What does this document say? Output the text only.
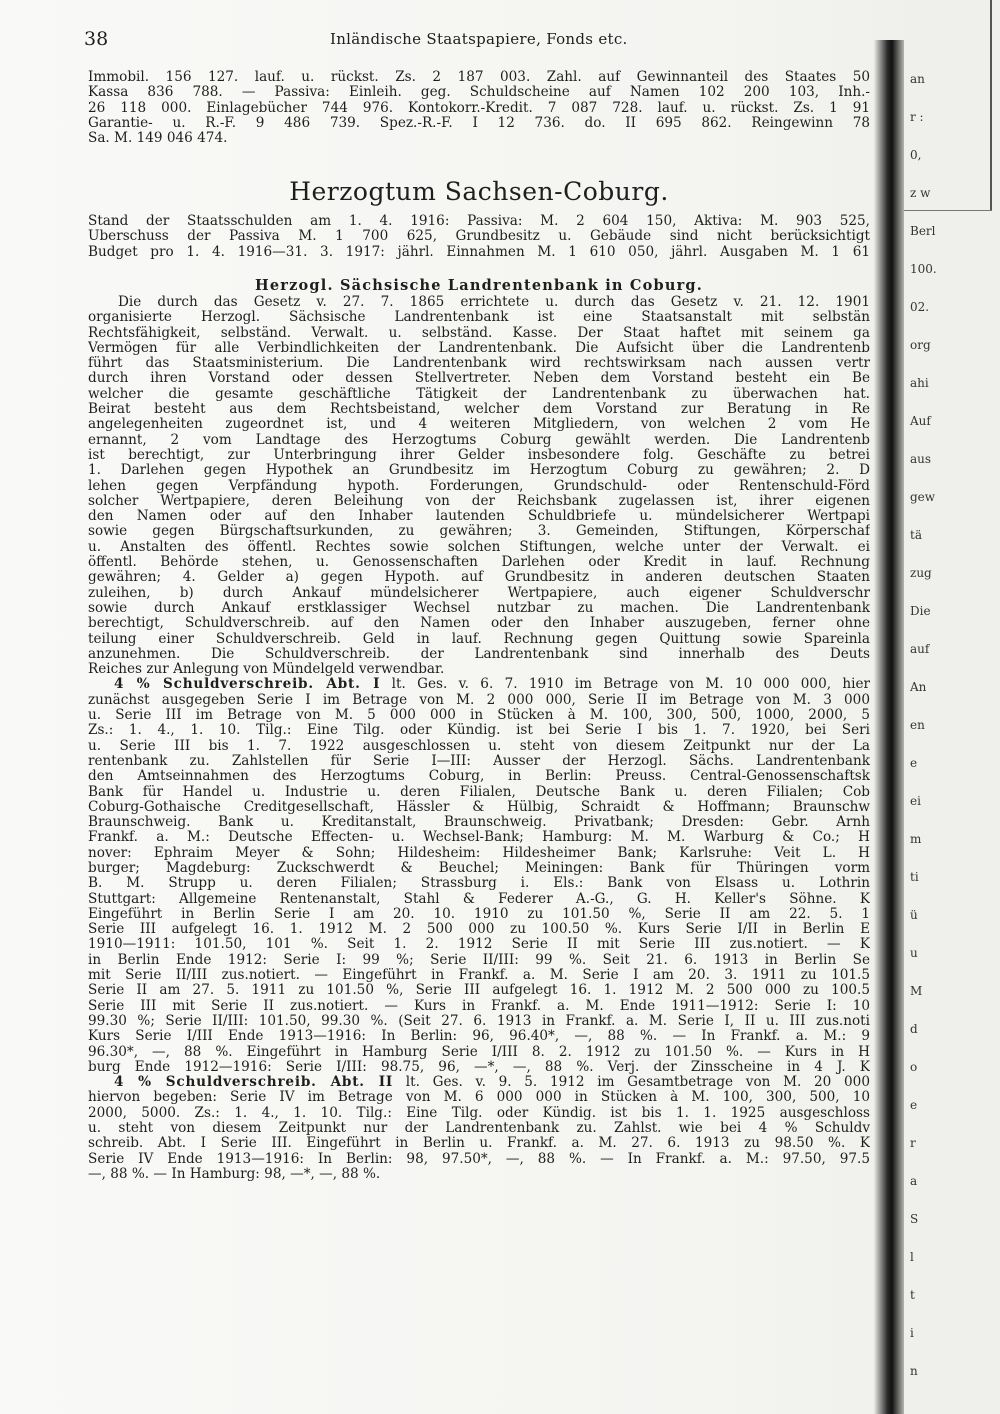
38	Inländische Staatspapiere, Fonds etc.
Immobil. 156 127. lauf. u. rückst. Zs. 2 187 003. Zahl. auf Gewinnanteil des Staates 50
Kassa 836 788. — Passiva: Einleih. geg. Schuldscheine auf Namen 102 200 103, Inh.-
26 118 000. Einlagebücher 744 976. Kontokorr.-Kredit. 7 087 728. lauf. u. rückst. Zs. 1 91
Garantie- u. R.-F. 9 486 739. Spez.-R.-F. I 12 736. do. II 695 862. Reingewinn 78
Sa. M. 149 046 474.
Herzogtum Sachsen-Coburg.
Stand der Staatsschulden am 1. 4. 1916: Passiva: M. 2 604 150, Aktiva: M. 903 525,
Überschuss der Passiva M. 1 700 625, Grundbesitz u. Gebäude sind nicht berücksichtigt
Budget pro 1. 4. 1916—31. 3. 1917: jährl. Einnahmen M. 1 610 050, jährl. Ausgaben M. 1 61
Herzogl. Sächsische Landrentenbank in Coburg.
Die durch das Gesetz v. 27. 7. 1865 errichtete u. durch das Gesetz v. 21. 12. 1901
organisierte Herzogl. Sächsische Landrentenbank ist eine Staatsanstalt mit selbstän
Rechtsfähigkeit, selbständ. Verwalt. u. selbständ. Kasse. Der Staat haftet mit seinem ga
Vermögen für alle Verbindlichkeiten der Landrentenbank. Die Aufsicht über die Landrentenb
führt das Staatsministerium. Die Landrentenbank wird rechtswirksam nach aussen vertr
durch ihren Vorstand oder dessen Stellvertreter. Neben dem Vorstand besteht ein Be
welcher die gesamte geschäftliche Tätigkeit der Landrentenbank zu überwachen hat.
Beirat besteht aus dem Rechtsbeistand, welcher dem Vorstand zur Beratung in Re
angelegenheiten zugeordnet ist, und 4 weiteren Mitgliedern, von welchen 2 vom He
ernannt, 2 vom Landtage des Herzogtums Coburg gewählt werden. Die Landrentenb
ist berechtigt, zur Unterbringung ihrer Gelder insbesondere folg. Geschäfte zu betrei
1. Darlehen gegen Hypothek an Grundbesitz im Herzogtum Coburg zu gewähren; 2. D
lehen gegen Verpfändung hypoth. Forderungen, Grundschuld- oder Rentenschuld-Förd
solcher Wertpapiere, deren Beleihung von der Reichsbank zugelassen ist, ihrer eigenen
den Namen oder auf den Inhaber lautenden Schuldbriefe u. mündelsicherer Wertpapi
sowie gegen Bürgschaftsurkunden, zu gewähren; 3. Gemeinden, Stiftungen, Körperschaf
u. Anstalten des öffentl. Rechtes sowie solchen Stiftungen, welche unter der Verwalt. ei
öffentl. Behörde stehen, u. Genossenschaften Darlehen oder Kredit in lauf. Rechnung
gewähren; 4. Gelder a) gegen Hypoth. auf Grundbesitz in anderen deutschen Staaten
zuleihen, b) durch Ankauf mündelsicherer Wertpapiere, auch eigener Schuldverschr
sowie durch Ankauf erstklassiger Wechsel nutzbar zu machen. Die Landrentenbank
berechtigt, Schuldverschreib. auf den Namen oder den Inhaber auszugeben, ferner ohne
teilung einer Schuldverschreib. Geld in lauf. Rechnung gegen Quittung sowie Spareinla
anzunehmen. Die Schuldverschreib. der Landrentenbank sind innerhalb des Deuts
Reiches zur Anlegung von Mündelgeld verwendbar.
4 % Schuldverschreib. Abt. I lt. Ges. v. 6. 7. 1910 im Betrage von M. 10 000 000, hier
zunächst ausgegeben Serie I im Betrage von M. 2 000 000, Serie II im Betrage von M. 3 000
u. Serie III im Betrage von M. 5 000 000 in Stücken à M. 100, 300, 500, 1000, 2000, 5
Zs.: 1. 4., 1. 10. Tilg.: Eine Tilg. oder Kündig. ist bei Serie I bis 1. 7. 1920, bei Seri
u. Serie III bis 1. 7. 1922 ausgeschlossen u. steht von diesem Zeitpunkt nur der La
rentenbank zu. Zahlstellen für Serie I—III: Ausser der Herzogl. Sächs. Landrentenbank
den Amtseinnahmen des Herzogtums Coburg, in Berlin: Preuss. Central-Genossenschaftsk
Bank für Handel u. Industrie u. deren Filialen, Deutsche Bank u. deren Filialen; Cob
Coburg-Gothaische Creditgesellschaft, Hässler & Hülbig, Schraidt & Hoffmann; Braunschw
Braunschweig. Bank u. Kreditanstalt, Braunschweig. Privatbank; Dresden: Gebr. Arnh
Frankf. a. M.: Deutsche Effecten- u. Wechsel-Bank; Hamburg: M. M. Warburg & Co.; H
nover: Ephraim Meyer & Sohn; Hildesheim: Hildesheimer Bank; Karlsruhe: Veit L. H
burger; Magdeburg: Zuckschwerdt & Beuchel; Meiningen: Bank für Thüringen vorm
B. M. Strupp u. deren Filialen; Strassburg i. Els.: Bank von Elsass u. Lothrin
Stuttgart: Allgemeine Rentenanstalt, Stahl & Federer A.-G., G. H. Keller's Söhne. K
Eingeführt in Berlin Serie I am 20. 10. 1910 zu 101.50 %, Serie II am 22. 5. 1
Serie III aufgelegt 16. 1. 1912 M. 2 500 000 zu 100.50 %. Kurs Serie I/II in Berlin E
1910—1911: 101.50, 101 %. Seit 1. 2. 1912 Serie II mit Serie III zus.notiert. — K
in Berlin Ende 1912: Serie I: 99 %; Serie II/III: 99 %. Seit 21. 6. 1913 in Berlin Se
mit Serie II/III zus.notiert. — Eingeführt in Frankf. a. M. Serie I am 20. 3. 1911 zu 101.5
Serie II am 27. 5. 1911 zu 101.50 %, Serie III aufgelegt 16. 1. 1912 M. 2 500 000 zu 100.5
Serie III mit Serie II zus.notiert. — Kurs in Frankf. a. M. Ende 1911—1912: Serie I: 10
99.30 %; Serie II/III: 101.50, 99.30 %. (Seit 27. 6. 1913 in Frankf. a. M. Serie I, II u. III zus.noti
Kurs Serie I/III Ende 1913—1916: In Berlin: 96, 96.40*, —, 88 %. — In Frankf. a. M.: 9
96.30*, —, 88 %. Eingeführt in Hamburg Serie I/III 8. 2. 1912 zu 101.50 %. — Kurs in H
burg Ende 1912—1916: Serie I/III: 98.75, 96, —*, —, 88 %. Verj. der Zinsscheine in 4 J. K
4 % Schuldverschreib. Abt. II lt. Ges. v. 9. 5. 1912 im Gesamtbetrage von M. 20 000
hiervon begeben: Serie IV im Betrage von M. 6 000 000 in Stücken à M. 100, 300, 500, 10
2000, 5000. Zs.: 1. 4., 1. 10. Tilg.: Eine Tilg. oder Kündig. ist bis 1. 1. 1925 ausgeschloss
u. steht von diesem Zeitpunkt nur der Landrentenbank zu. Zahlst. wie bei 4 % Schuldv
schreib. Abt. I Serie III. Eingeführt in Berlin u. Frankf. a. M. 27. 6. 1913 zu 98.50 %. K
Serie IV Ende 1913—1916: In Berlin: 98, 97.50*, —, 88 %. — In Frankf. a. M.: 97.50, 97.5
—, 88 %. — In Hamburg: 98, —*, —, 88 %.
an
r :
0,
z w
Berl
100.
02.
org
ahi
Auf
aus
gew
tä
zug
Die
auf
An
en
e
ei
m
ti
ü
u
M
d
o
e
r
a
S
l
t
i
n
